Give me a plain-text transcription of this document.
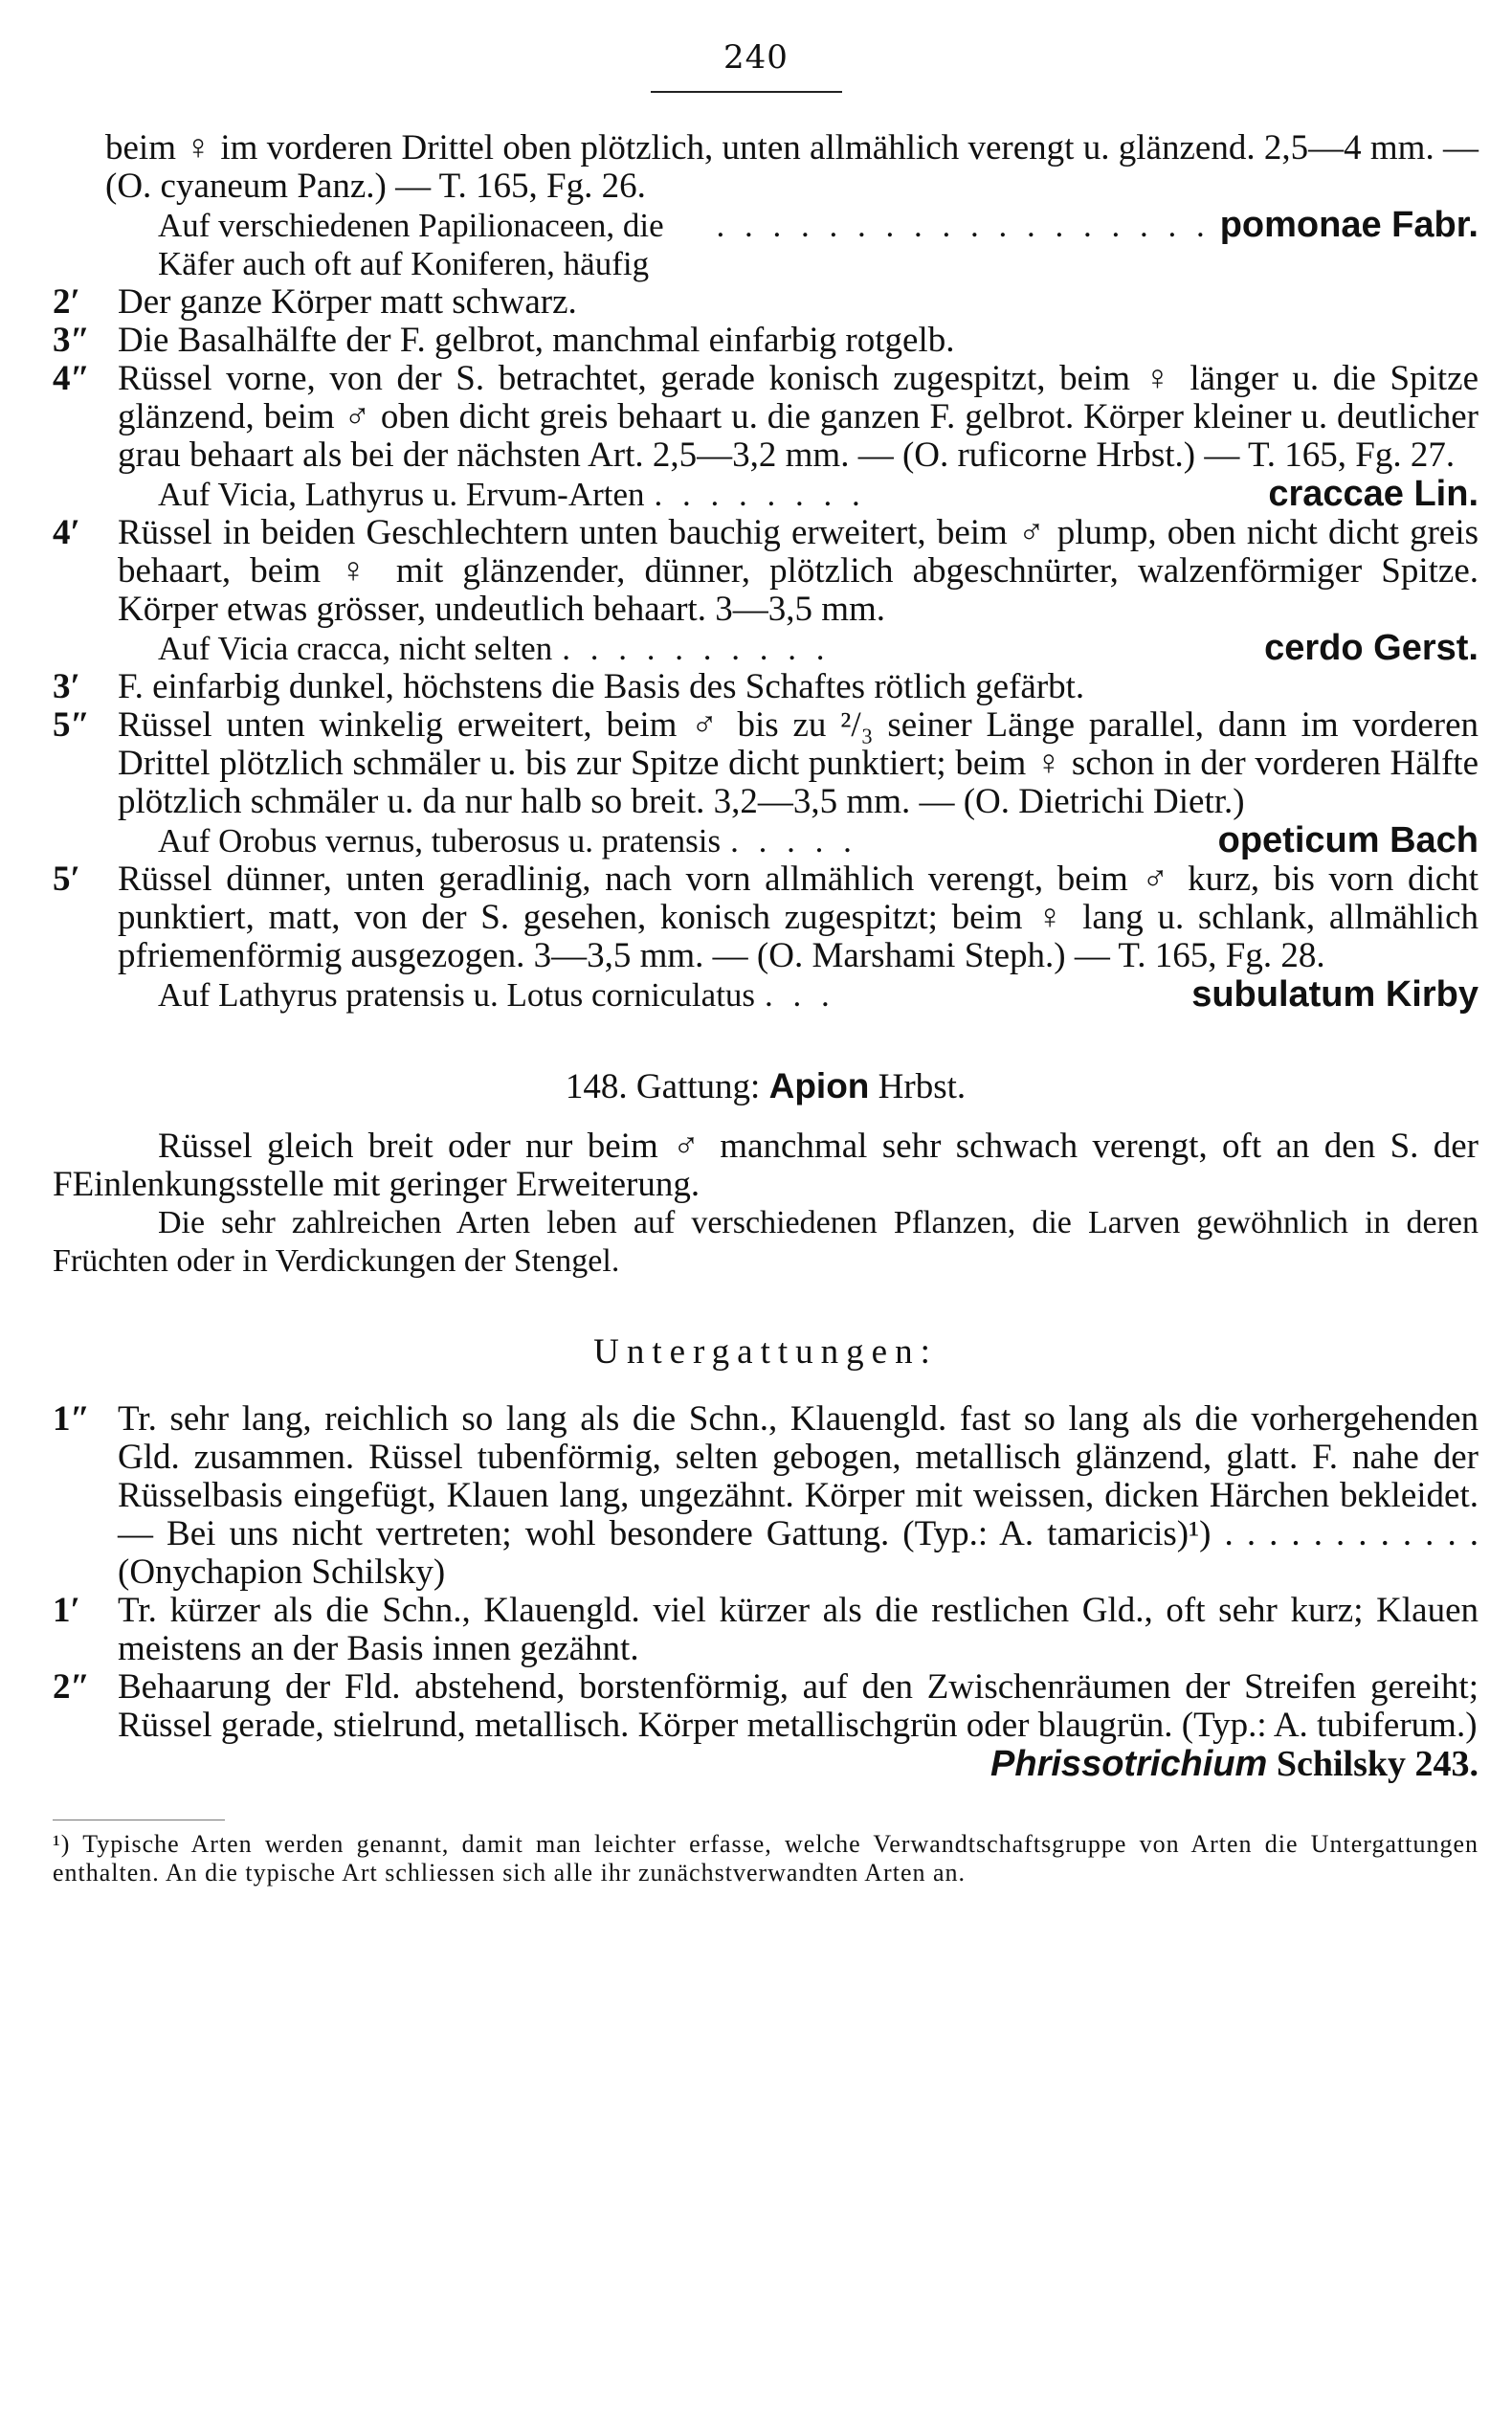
240
beim ♀ im vorderen Drittel oben plötzlich, unten allmählich verengt u. glänzend. 2,5—4 mm. — (O. cyaneum Panz.) — T. 165, Fg. 26.
Auf verschiedenen Papilionaceen, die Käfer auch oft auf Koniferen, häufig
. . . . . . . . . . . . . . . . . . pomonae Fabr.
2′	Der ganze Körper matt schwarz.
3″ Die Basalhälfte der F. gelbrot, manchmal einfarbig rotgelb.
4″ Rüssel vorne, von der S. betrachtet, gerade konisch zugespitzt, beim ♀ länger u. die Spitze glänzend, beim ♂ oben dicht greis behaart u. die ganzen F. gelbrot. Körper kleiner u. deutlicher grau behaart als bei der nächsten Art. 2,5—3,2 mm. — (O. ruficorne Hrbst.) — T. 165, Fg. 27.
Auf Vicia, Lathyrus u. Ervum-Arten . . . . . . . .	craccae Lin.
4′	Rüssel in beiden Geschlechtern unten bauchig erweitert, beim ♂ plump, oben nicht dicht greis behaart, beim ♀ mit glänzender, dünner, plötzlich abgeschnürter, walzenförmiger Spitze. Körper etwas grösser, undeutlich behaart. 3—3,5 mm.
Auf Vicia cracca, nicht selten . . . . . . . . . .	cerdo Gerst.
3′	F. einfarbig dunkel, höchstens die Basis des Schaftes rötlich gefärbt.
5″ Rüssel unten winkelig erweitert, beim ♂ bis zu ²/₃ seiner Länge parallel, dann im vorderen Drittel plötzlich schmäler u. bis zur Spitze dicht punktiert; beim ♀ schon in der vorderen Hälfte plötzlich schmäler u. da nur halb so breit. 3,2—3,5 mm. — (O. Dietrichi Dietr.)
Auf Orobus vernus, tuberosus u. pratensis . . . . .	opeticum Bach
5′	Rüssel dünner, unten geradlinig, nach vorn allmählich verengt, beim ♂ kurz, bis vorn dicht punktiert, matt, von der S. gesehen, konisch zugespitzt; beim ♀ lang u. schlank, allmählich pfriemenförmig ausgezogen. 3—3,5 mm. — (O. Marshami Steph.) — T. 165, Fg. 28.
Auf Lathyrus pratensis u. Lotus corniculatus . . .	subulatum Kirby
148. Gattung: Apion Hrbst.
Rüssel gleich breit oder nur beim ♂ manchmal sehr schwach verengt, oft an den S. der FEinlenkungsstelle mit geringer Erweiterung.
Die sehr zahlreichen Arten leben auf verschiedenen Pflanzen, die Larven gewöhnlich in deren Früchten oder in Verdickungen der Stengel.
Untergattungen:
1″ Tr. sehr lang, reichlich so lang als die Schn., Klauengld. fast so lang als die vorhergehenden Gld. zusammen. Rüssel tubenförmig, selten gebogen, metallisch glänzend, glatt. F. nahe der Rüsselbasis eingefügt, Klauen lang, ungezähnt. Körper mit weissen, dicken Härchen bekleidet. — Bei uns nicht vertreten; wohl besondere Gattung. (Typ.: A. tamaricis)¹) . . . . . . . . . . . . (Onychapion Schilsky)
1′	Tr. kürzer als die Schn., Klauengld. viel kürzer als die restlichen Gld., oft sehr kurz; Klauen meistens an der Basis innen gezähnt.
2″ Behaarung der Fld. abstehend, borstenförmig, auf den Zwischenräumen der Streifen gereiht; Rüssel gerade, stielrund, metallisch. Körper metallischgrün oder blaugrün. (Typ.: A. tubiferum.)
Phrissotrichium Schilsky 243.
¹) Typische Arten werden genannt, damit man leichter erfasse, welche Verwandtschaftsgruppe von Arten die Untergattungen enthalten. An die typische Art schliessen sich alle ihr zunächstverwandten Arten an.
